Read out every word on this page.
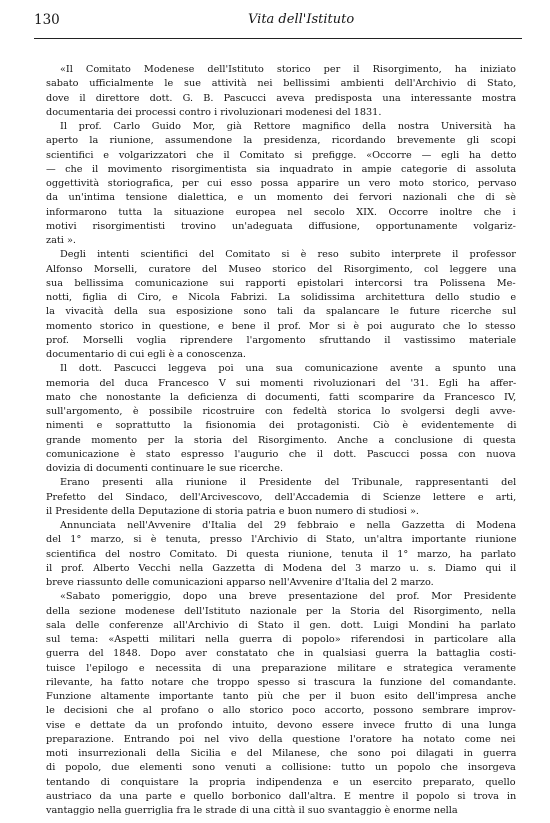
130	Vita dell'Istituto
«Il Comitato Modenese dell'Istituto storico per il Risorgimento, ha iniziato
sabato ufficialmente le sue attività nei bellissimi ambienti dell'Archivio di Stato,
dove il direttore dott. G. B. Pascucci aveva predisposta una interessante mostra
documentaria dei processi contro i rivoluzionari modenesi del 1831.
Il prof. Carlo Guido Mor, già Rettore magnifico della nostra Università ha
aperto la riunione, assumendone la presidenza, ricordando brevemente gli scopi
scientifici e volgarizzatori che il Comitato si prefigge. «Occorre — egli ha detto
— che il movimento risorgimentista sia inquadrato in ampie categorie di assoluta
oggettività storiografica, per cui esso possa apparire un vero moto storico, pervaso
da un'intima tensione dialettica, e un momento dei fervori nazionali che di sè
informarono tutta la situazione europea nel secolo XIX. Occorre inoltre che i
motivi risorgimentisti trovino un'adeguata diffusione, opportunamente volgariz-
zati ».
Degli intenti scientifici del Comitato si è reso subito interprete il professor
Alfonso Morselli, curatore del Museo storico del Risorgimento, col leggere una
sua bellissima comunicazione sui rapporti epistolari intercorsi tra Polissena Me-
notti, figlia di Ciro, e Nicola Fabrizi. La solidissima architettura dello studio e
la vivacità della sua esposizione sono tali da spalancare le future ricerche sul
momento storico in questione, e bene il prof. Mor si è poi augurato che lo stesso
prof. Morselli voglia riprendere l'argomento sfruttando il vastissimo materiale
documentario di cui egli è a conoscenza.
Il dott. Pascucci leggeva poi una sua comunicazione avente a spunto una
memoria del duca Francesco V sui momenti rivoluzionari del '31. Egli ha affer-
mato che nonostante la deficienza di documenti, fatti scomparire da Francesco IV,
sull'argomento, è possibile ricostruire con fedeltà storica lo svolgersi degli avve-
nimenti e soprattutto la fisionomia dei protagonisti. Ciò è evidentemente di
grande momento per la storia del Risorgimento. Anche a conclusione di questa
comunicazione è stato espresso l'augurio che il dott. Pascucci possa con nuova
dovizia di documenti continuare le sue ricerche.
Erano presenti alla riunione il Presidente del Tribunale, rappresentanti del
Prefetto del Sindaco, dell'Arcivescovo, dell'Accademia di Scienze lettere e arti,
il Presidente della Deputazione di storia patria e buon numero di studiosi ».
Annunciata nell'Avvenire d'Italia del 29 febbraio e nella Gazzetta di Modena
del 1° marzo, si è tenuta, presso l'Archivio di Stato, un'altra importante riunione
scientifica del nostro Comitato. Di questa riunione, tenuta il 1° marzo, ha parlato
il prof. Alberto Vecchi nella Gazzetta di Modena del 3 marzo u. s. Diamo qui il
breve riassunto delle comunicazioni apparso nell'Avvenire d'Italia del 2 marzo.
«Sabato pomeriggio, dopo una breve presentazione del prof. Mor Presidente
della sezione modenese dell'Istituto nazionale per la Storia del Risorgimento, nella
sala delle conferenze all'Archivio di Stato il gen. dott. Luigi Mondini ha parlato
sul tema: «Aspetti militari nella guerra di popolo» riferendosi in particolare alla
guerra del 1848. Dopo aver constatato che in qualsiasi guerra la battaglia costi-
tuisce l'epilogo e necessita di una preparazione militare e strategica veramente
rilevante, ha fatto notare che troppo spesso si trascura la funzione del comandante.
Funzione altamente importante tanto più che per il buon esito dell'impresa anche
le decisioni che al profano o allo storico poco accorto, possono sembrare improv-
vise e dettate da un profondo intuito, devono essere invece frutto di una lunga
preparazione. Entrando poi nel vivo della questione l'oratore ha notato come nei
moti insurrezionali della Sicilia e del Milanese, che sono poi dilagati in guerra
di popolo, due elementi sono venuti a collisione: tutto un popolo che insorgeva
tentando di conquistare la propria indipendenza e un esercito preparato, quello
austriaco da una parte e quello borbonico dall'altra. E mentre il popolo si trova in
vantaggio nella guerriglia fra le strade di una città il suo svantaggio è enorme nella
